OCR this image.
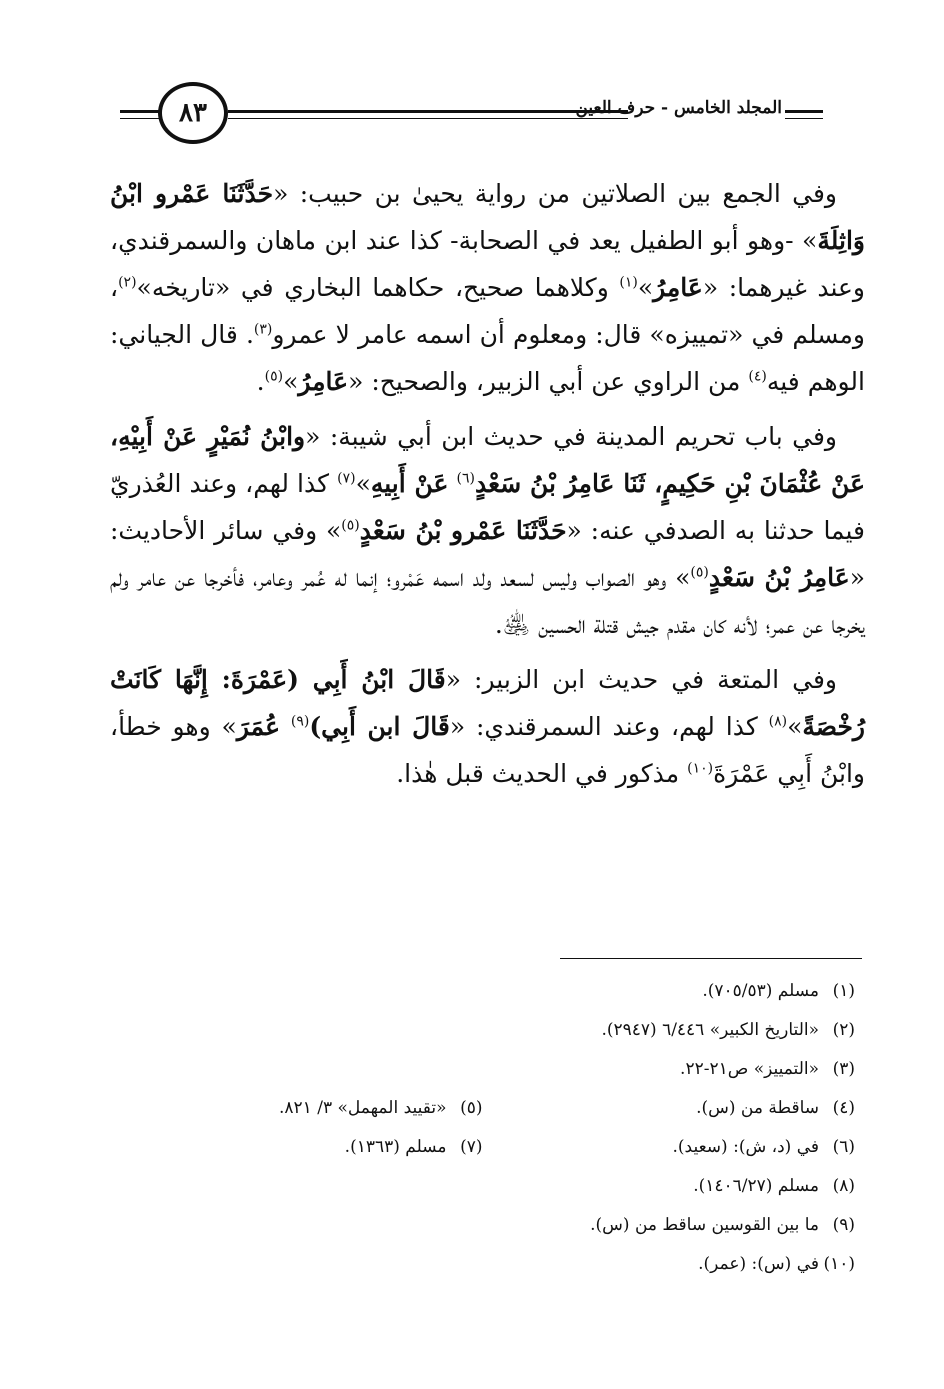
٨٣	المجلد الخامس - حرف العين

وفي الجمع بين الصلاتين من رواية يحيىٰ بن حبيب: «حَدَّثَنَا عَمْرو ابْنُ وَاثِلَةَ» -وهو أبو الطفيل يعد في الصحابة- كذا عند ابن ماهان والسمرقندي، وعند غيرهما: «عَامِرُ»$^{(١)}$ وكلاهما صحيح، حكاهما البخاري في «تاريخه»$^{(٢)}$، ومسلم في «تمييزه» قال: ومعلوم أن اسمه عامر لا عمرو$^{(٣)}$. قال الجياني: الوهم فيه$^{(٤)}$ من الراوي عن أبي الزبير، والصحيح: «عَامِرُ»$^{(٥)}$.

وفي باب تحريم المدينة في حديث ابن أبي شيبة: «وابْنُ نُمَيْرٍ عَنْ أَبِيْهِ، عَنْ عُثْمَانَ بْنِ حَكِيمٍ، ثَنَا عَامِرُ بْنُ سَعْدٍ$^{(٦)}$ عَنْ أَبِيهِ»$^{(٧)}$ كذا لهم، وعند العُذريّ فيما حدثنا به الصدفي عنه: «حَدَّثَنَا عَمْرو بْنُ سَعْدٍ$^{(٥)}$» وفي سائر الأحاديث: «عَامِرُ بْنُ سَعْدٍ$^{(٥)}$» وهو الصواب وليس لسعد ولد اسمه عَمْرو؛ إنما له عُمر وعامر، فأخرجا عن عامر ولم يخرجا عن عمر؛ لأنه كان مقدم جيش قتلة الحسين ﵁.

وفي المتعة في حديث ابن الزبير: «قَالَ ابْنُ أَبِي (عَمْرَةَ: إِنَّهَا كَانَتْ رُخْصَةً»$^{(٨)}$ كذا لهم، وعند السمرقندي: «قَالَ ابن أَبِي)$^{(٩)}$ عُمَرَ» وهو خطأ، وابْنُ أَبِي عَمْرَةَ$^{(١٠)}$ مذكور في الحديث قبل هٰذا.

(١)مسلم (٧٠٥/٥٣).
(٢)«التاريخ الكبير» ٦/٤٤٦ (٢٩٤٧).
(٣)«التمييز» ص٢١-٢٢.
(٤)ساقطة من (س).
(٥)«تقييد المهمل» ٣/ ٨٢١.
(٦)في (د، ش): (سعيد).
(٧)مسلم (١٣٦٣).
(٨)مسلم (١٤٠٦/٢٧).
(٩)ما بين القوسين ساقط من (س).
(١٠)في (س): (عمر).
